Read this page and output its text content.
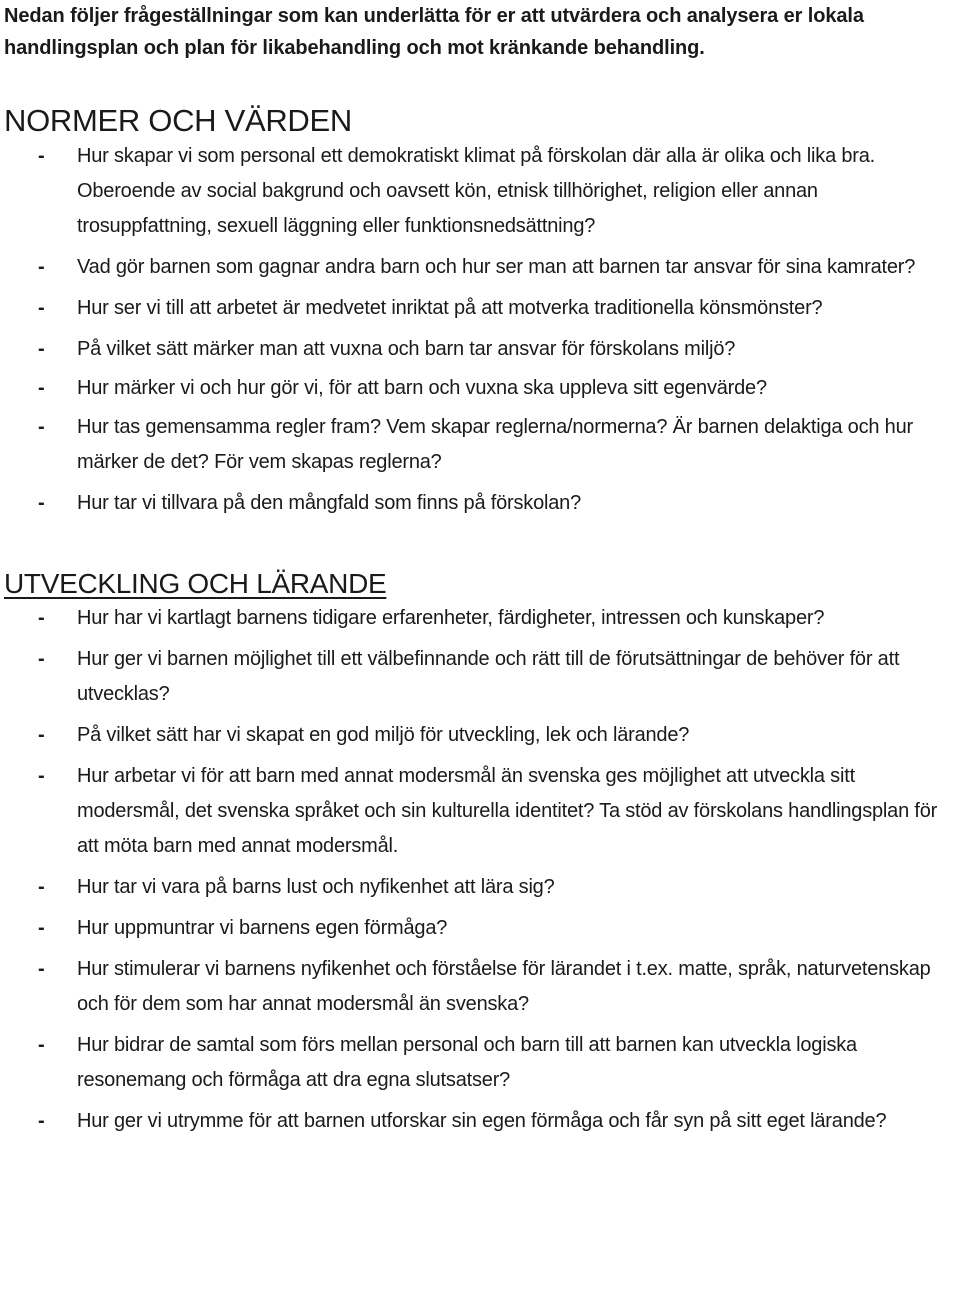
Nedan följer frågeställningar som kan underlätta för er att utvärdera och analysera er lokala handlingsplan och plan för likabehandling och mot kränkande behandling.

NORMER OCH VÄRDEN
- Hur skapar vi som personal ett demokratiskt klimat på förskolan där alla är olika och lika bra. Oberoende av social bakgrund och oavsett kön, etnisk tillhörighet, religion eller annan trosuppfattning, sexuell läggning eller funktionsnedsättning?
- Vad gör barnen som gagnar andra barn och hur ser man att barnen tar ansvar för sina kamrater?
- Hur ser vi till att arbetet är medvetet inriktat på att motverka traditionella könsmönster?
- På vilket sätt märker man att vuxna och barn tar ansvar för förskolans miljö?
- Hur märker vi och hur gör vi, för att barn och vuxna ska uppleva sitt egenvärde?
- Hur tas gemensamma regler fram? Vem skapar reglerna/normerna? Är barnen delaktiga och hur märker de det? För vem skapas reglerna?
- Hur tar vi tillvara på den mångfald som finns på förskolan?
UTVECKLING OCH LÄRANDE
- Hur har vi kartlagt barnens tidigare erfarenheter, färdigheter, intressen och kunskaper?
- Hur ger vi barnen möjlighet till ett välbefinnande och rätt till de förutsättningar de behöver för att utvecklas?
- På vilket sätt har vi skapat en god miljö för utveckling, lek och lärande?
- Hur arbetar vi för att barn med annat modersmål än svenska ges möjlighet att utveckla sitt modersmål, det svenska språket och sin kulturella identitet? Ta stöd av förskolans handlingsplan för att möta barn med annat modersmål.
- Hur tar vi vara på barns lust och nyfikenhet att lära sig?
- Hur uppmuntrar vi barnens egen förmåga?
- Hur stimulerar vi barnens nyfikenhet och förståelse för lärandet i t.ex. matte, språk, naturvetenskap och för dem som har annat modersmål än svenska?
- Hur bidrar de samtal som förs mellan personal och barn till att barnen kan utveckla logiska resonemang och förmåga att dra egna slutsatser?
- Hur ger vi utrymme för att barnen utforskar sin egen förmåga och får syn på sitt eget lärande?
